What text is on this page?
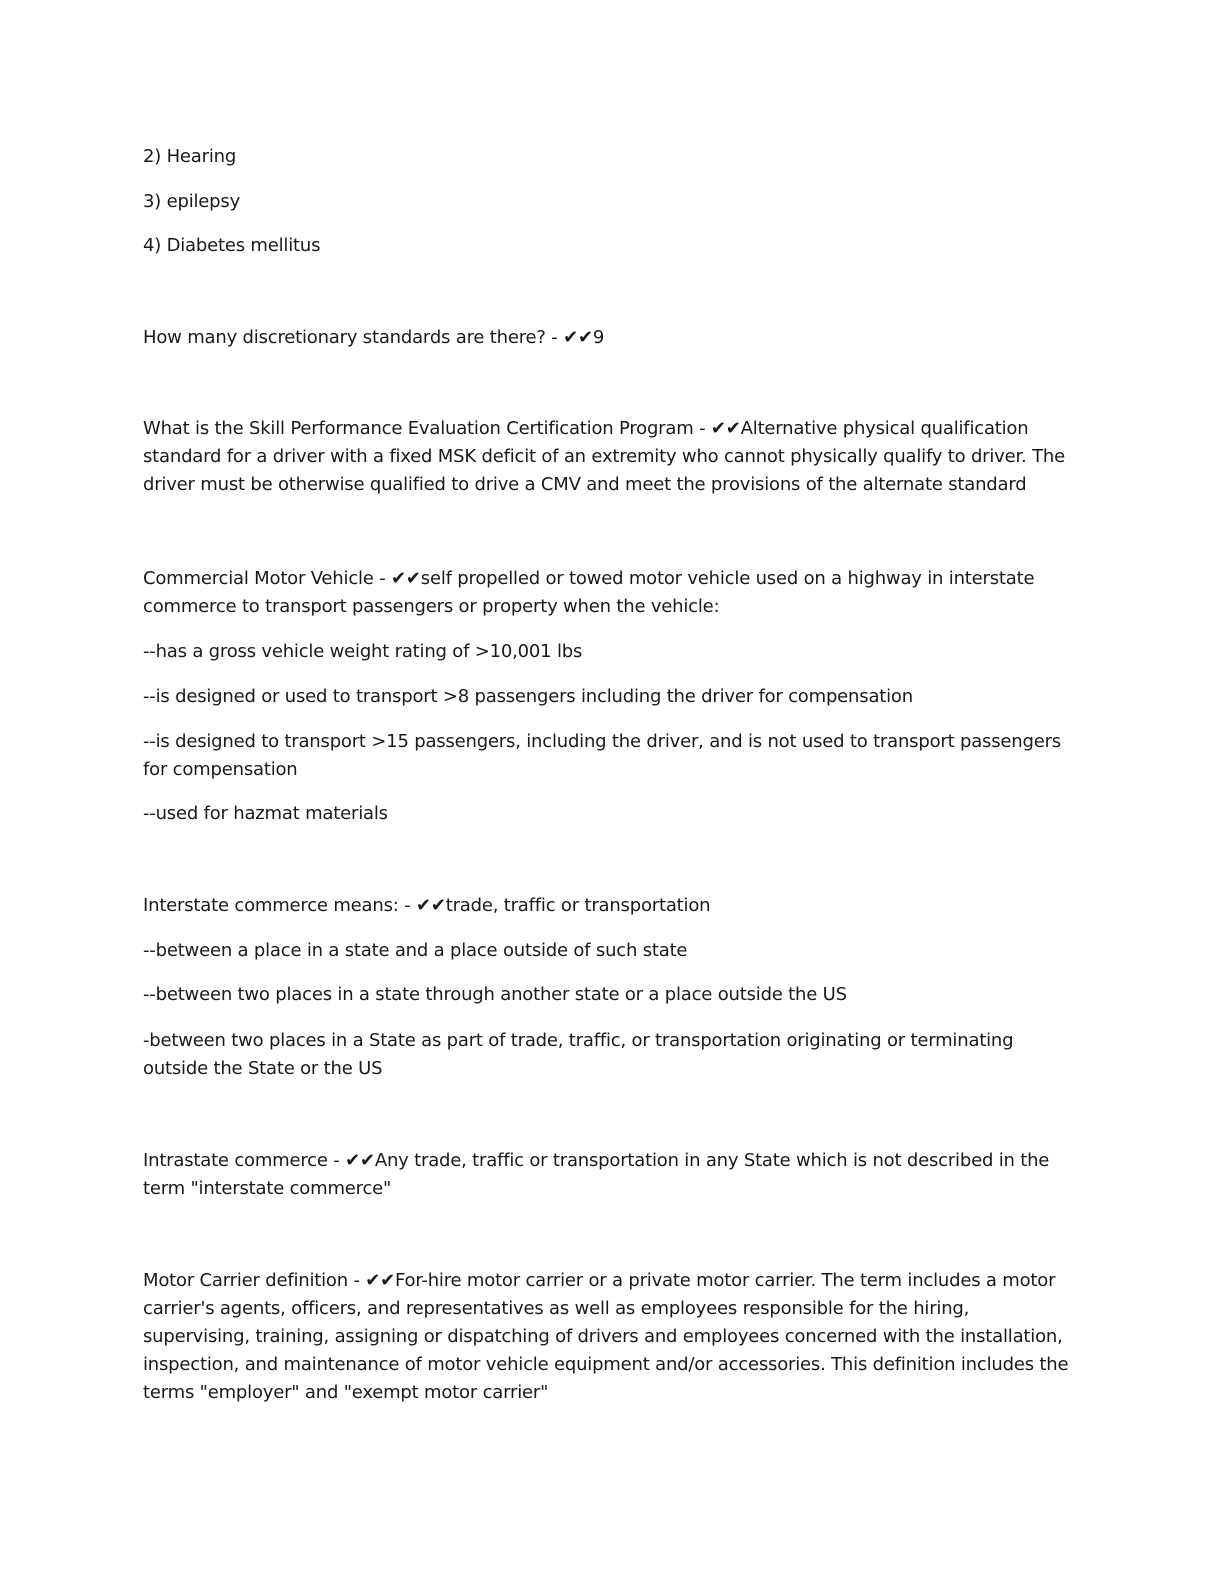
2) Hearing

3) epilepsy

4) Diabetes mellitus

How many discretionary standards are there? - ✔✔9

What is the Skill Performance Evaluation Certification Program - ✔✔Alternative physical qualification standard for a driver with a fixed MSK deficit of an extremity who cannot physically qualify to driver. The driver must be otherwise qualified to drive a CMV and meet the provisions of the alternate standard

Commercial Motor Vehicle - ✔✔self propelled or towed motor vehicle used on a highway in interstate commerce to transport passengers or property when the vehicle:

--has a gross vehicle weight rating of >10,001 lbs

--is designed or used to transport >8 passengers including the driver for compensation

--is designed to transport >15 passengers, including the driver, and is not used to transport passengers for compensation

--used for hazmat materials

Interstate commerce means: - ✔✔trade, traffic or transportation

--between a place in a state and a place outside of such state

--between two places in a state through another state or a place outside the US

-between two places in a State as part of trade, traffic, or transportation originating or terminating outside the State or the US

Intrastate commerce - ✔✔Any trade, traffic or transportation in any State which is not described in the term "interstate commerce"

Motor Carrier definition - ✔✔For-hire motor carrier or a private motor carrier. The term includes a motor carrier's agents, officers, and representatives as well as employees responsible for the hiring, supervising, training, assigning or dispatching of drivers and employees concerned with the installation, inspection, and maintenance of motor vehicle equipment and/or accessories. This definition includes the terms "employer" and "exempt motor carrier"
